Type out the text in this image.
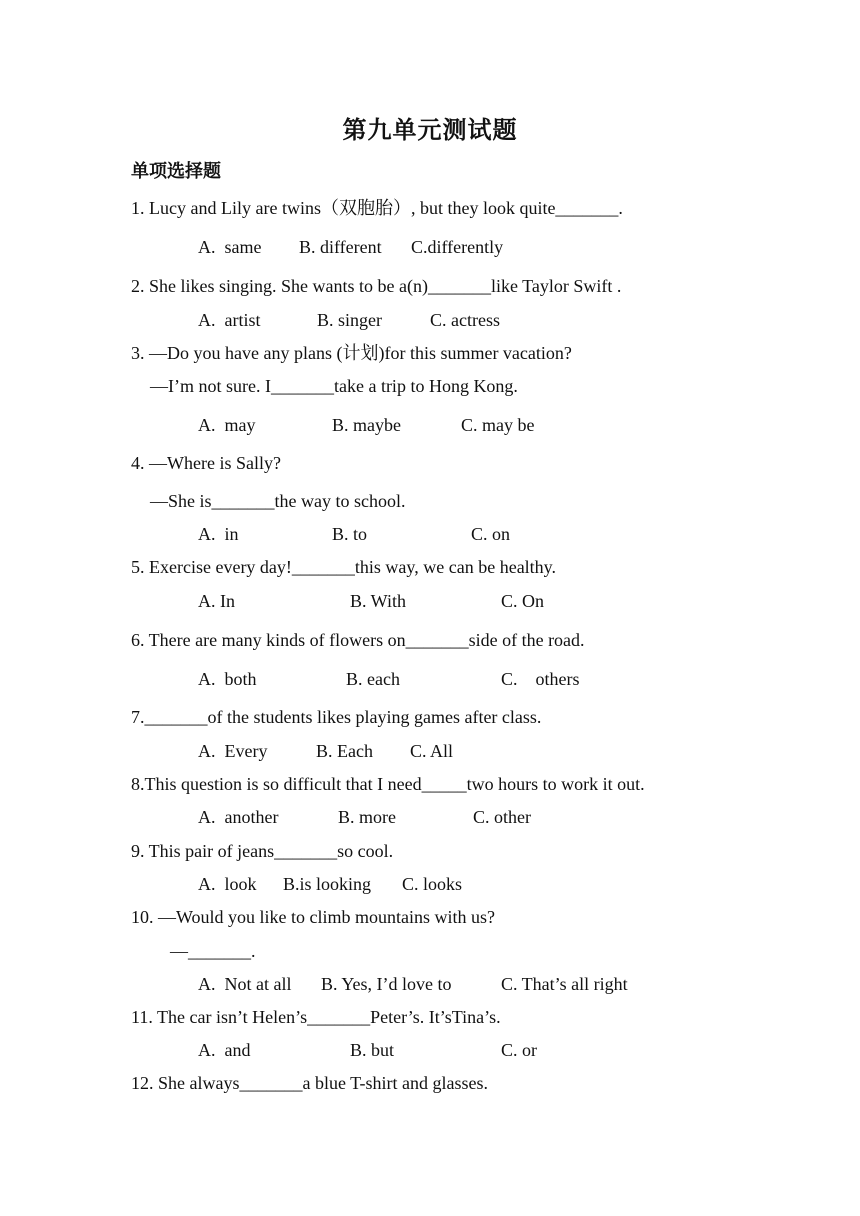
第九单元测试题
单项选择题
1. Lucy and Lily are twins（双胞胎）, but they look quite_______.
A.  same B. different C.differently
2. She likes singing. She wants to be a(n)_______like Taylor Swift .
A.  artist	B. singer	C. actress
3. —Do you have any plans (计划)for this summer vacation?
—I’m not sure. I_______take a trip to Hong Kong.
A.  may	B. maybe	C. may be
4. —Where is Sally?
—She is_______the way to school.
A.  in	B. to	C. on
5. Exercise every day!_______this way, we can be healthy.
A. In	B. With	C. On
6. There are many kinds of flowers on_______side of the road.
A.  both	B. each	C.    others
7._______of the students likes playing games after class.
A.  Every	B. Each C. All
8.This question is so difficult that I need_____two hours to work it out.
A.  another	B. more	C. other
9. This pair of jeans_______so cool.
A.  look B.is looking C. looks
10. —Would you like to climb mountains with us?
—_______.
A.  Not at all B. Yes, I’d love to	C. That’s all right
11. The car isn’t Helen’s_______Peter’s. It’sTina’s.
A.  and	B. but	C. or
12. She always_______a blue T-shirt and glasses.
